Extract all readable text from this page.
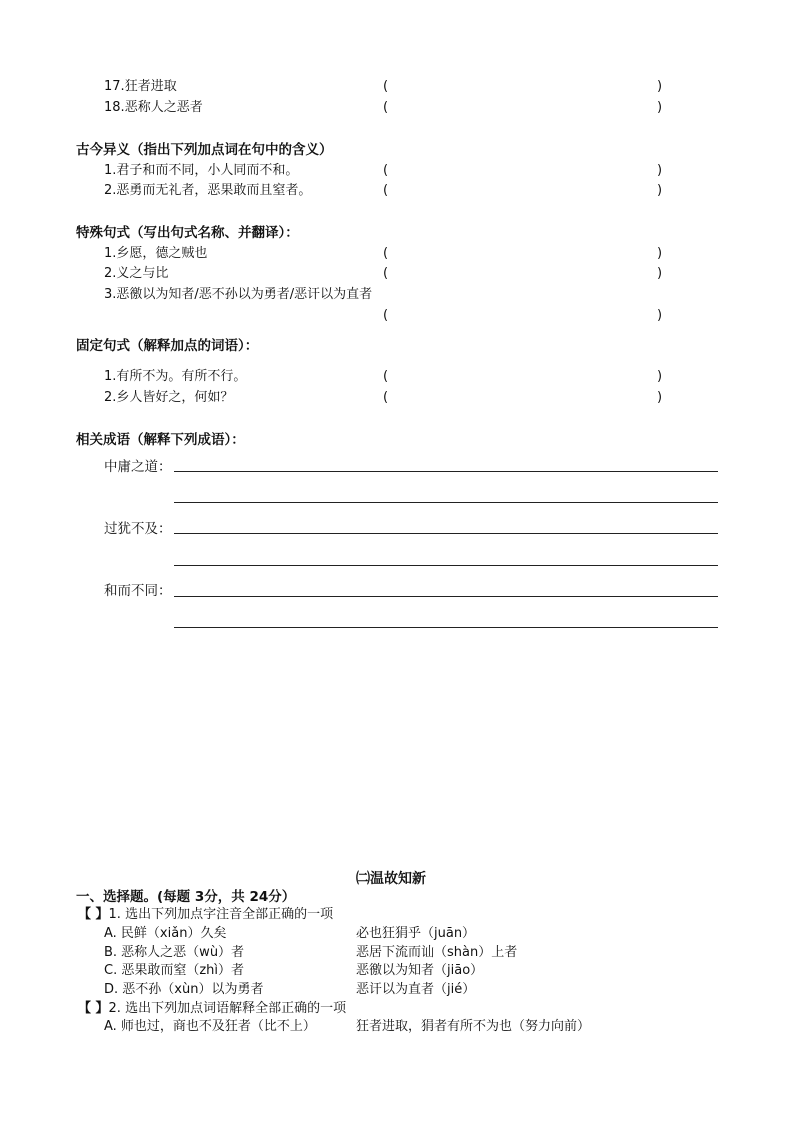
17.狂者进取	(	)
18.恶称人之恶者	(	)
古今异义（指出下列加点词在句中的含义）
1.君子和而不同，小人同而不和。	(	)
2.恶勇而无礼者，恶果敢而且窒者。	(	)
特殊句式（写出句式名称、并翻译）：
1.乡愿，德之贼也	(	)
2.义之与比	(	)
3.恶徼以为知者/恶不孙以为勇者/恶讦以为直者
(	)
固定句式（解释加点的词语）：
1.有所不为。有所不行。	(	)
2.乡人皆好之，何如？	(	)
相关成语（解释下列成语）：
中庸之道：
过犹不及：
和而不同：
㈡温故知新
一、选择题。(每题 3分，共 24分）
【 】1. 选出下列加点字注音全部正确的一项
A. 民鲜（xiǎn）久矣	必也狂狷乎（juān）
B. 恶称人之恶（wù）者	恶居下流而讪（shàn）上者
C. 恶果敢而窒（zhì）者	恶徼以为知者（jiāo）
D. 恶不孙（xùn）以为勇者	恶讦以为直者（jié）
【 】2. 选出下列加点词语解释全部正确的一项
A. 师也过，商也不及狂者（比不上）	狂者进取，狷者有所不为也（努力向前）
